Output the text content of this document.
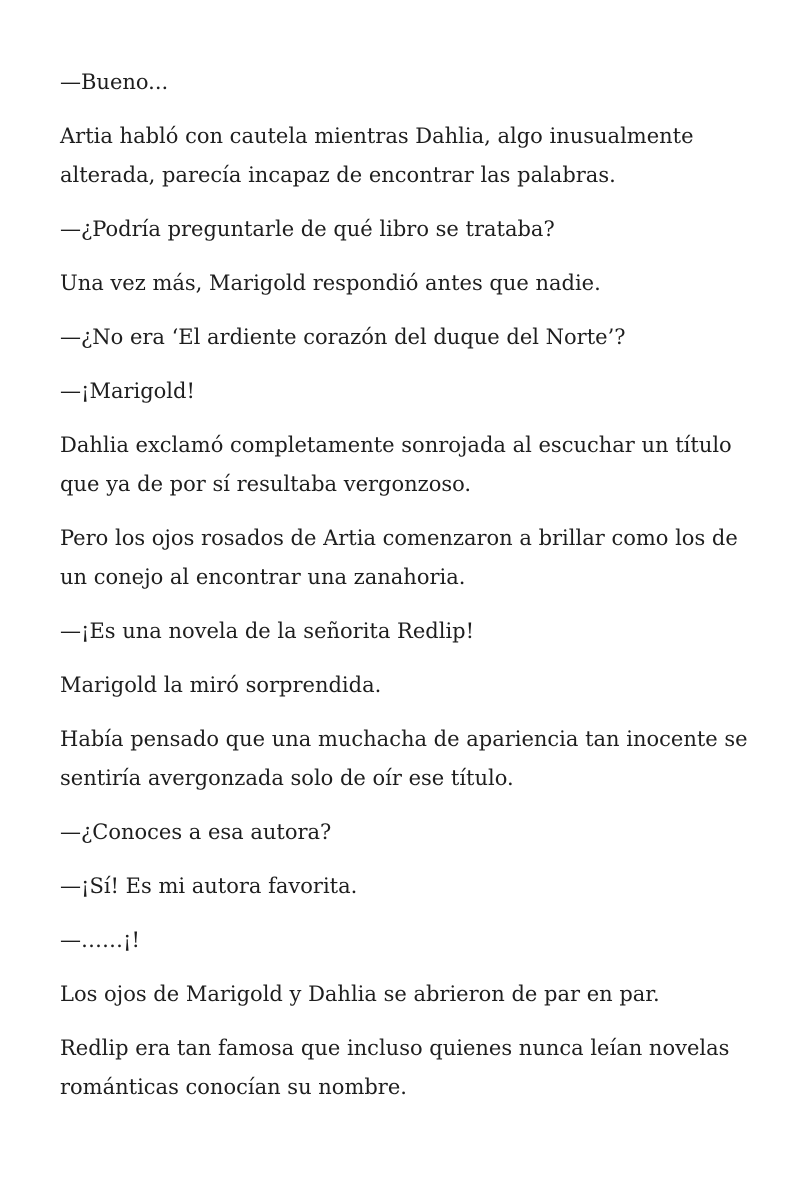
—Bueno...

Artia habló con cautela mientras Dahlia, algo inusualmente alterada, parecía incapaz de encontrar las palabras.

—¿Podría preguntarle de qué libro se trataba?

Una vez más, Marigold respondió antes que nadie.

—¿No era ‘El ardiente corazón del duque del Norte’?

—¡Marigold!

Dahlia exclamó completamente sonrojada al escuchar un título que ya de por sí resultaba vergonzoso.

Pero los ojos rosados de Artia comenzaron a brillar como los de un conejo al encontrar una zanahoria.

—¡Es una novela de la señorita Redlip!

Marigold la miró sorprendida.

Había pensado que una muchacha de apariencia tan inocente se sentiría avergonzada solo de oír ese título.

—¿Conoces a esa autora?

—¡Sí! Es mi autora favorita.

—……¡!

Los ojos de Marigold y Dahlia se abrieron de par en par.

Redlip era tan famosa que incluso quienes nunca leían novelas románticas conocían su nombre.
